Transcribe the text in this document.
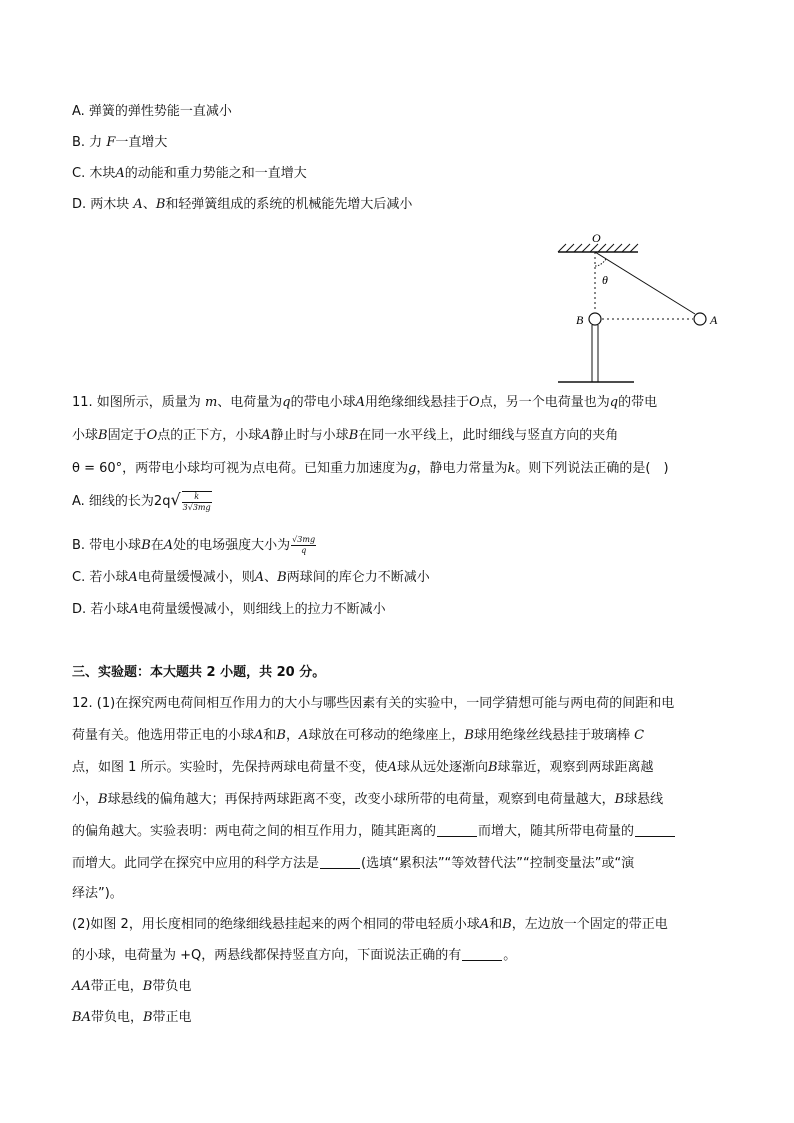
A. 弹簧的弹性势能一直减小
B. 力 F一直增大
C. 木块A的动能和重力势能之和一直增大
D. 两木块 A、B和轻弹簧组成的系统的机械能先增大后减小
O
θ
B	A
11. 如图所示，质量为 m、电荷量为q的带电小球A用绝缘细线悬挂于O点，另一个电荷量也为q的带电
小球B固定于O点的正下方，小球A静止时与小球B在同一水平线上，此时细线与竖直方向的夹角
θ = 60°，两带电小球均可视为点电荷。已知重力加速度为g，静电力常量为k。则下列说法正确的是(　)
A. 细线的长为$2q√ \frac{k}{3√3mg}$
B. 带电小球B在A处的电场强度大小为 $\frac{√3mg}{q}$
C. 若小球A电荷量缓慢减小，则A、B两球间的库仑力不断减小
D. 若小球A电荷量缓慢减小，则细线上的拉力不断减小
三、实验题：本大题共 2 小题，共 20 分。
12. (1)在探究两电荷间相互作用力的大小与哪些因素有关的实验中，一同学猜想可能与两电荷的间距和电
荷量有关。他选用带正电的小球A和B，A球放在可移动的绝缘座上，B球用绝缘丝线悬挂于玻璃棒 C
点，如图 1 所示。实验时，先保持两球电荷量不变，使A球从远处逐渐向B球靠近，观察到两球距离越
小，B球悬线的偏角越大；再保持两球距离不变，改变小球所带的电荷量，观察到电荷量越大，B球悬线
的偏角越大。实验表明：两电荷之间的相互作用力，随其距离的	而增大，随其所带电荷量的
而增大。此同学在探究中应用的科学方法是	(选填“累积法”“等效替代法”“控制变量法”或“演
绎法”)。
(2)如图 2，用长度相同的绝缘细线悬挂起来的两个相同的带电轻质小球A和B，左边放一个固定的带正电
的小球，电荷量为 +Q，两悬线都保持竖直方向，下面说法正确的有	。
AA带正电，B带负电
BA带负电，B带正电
